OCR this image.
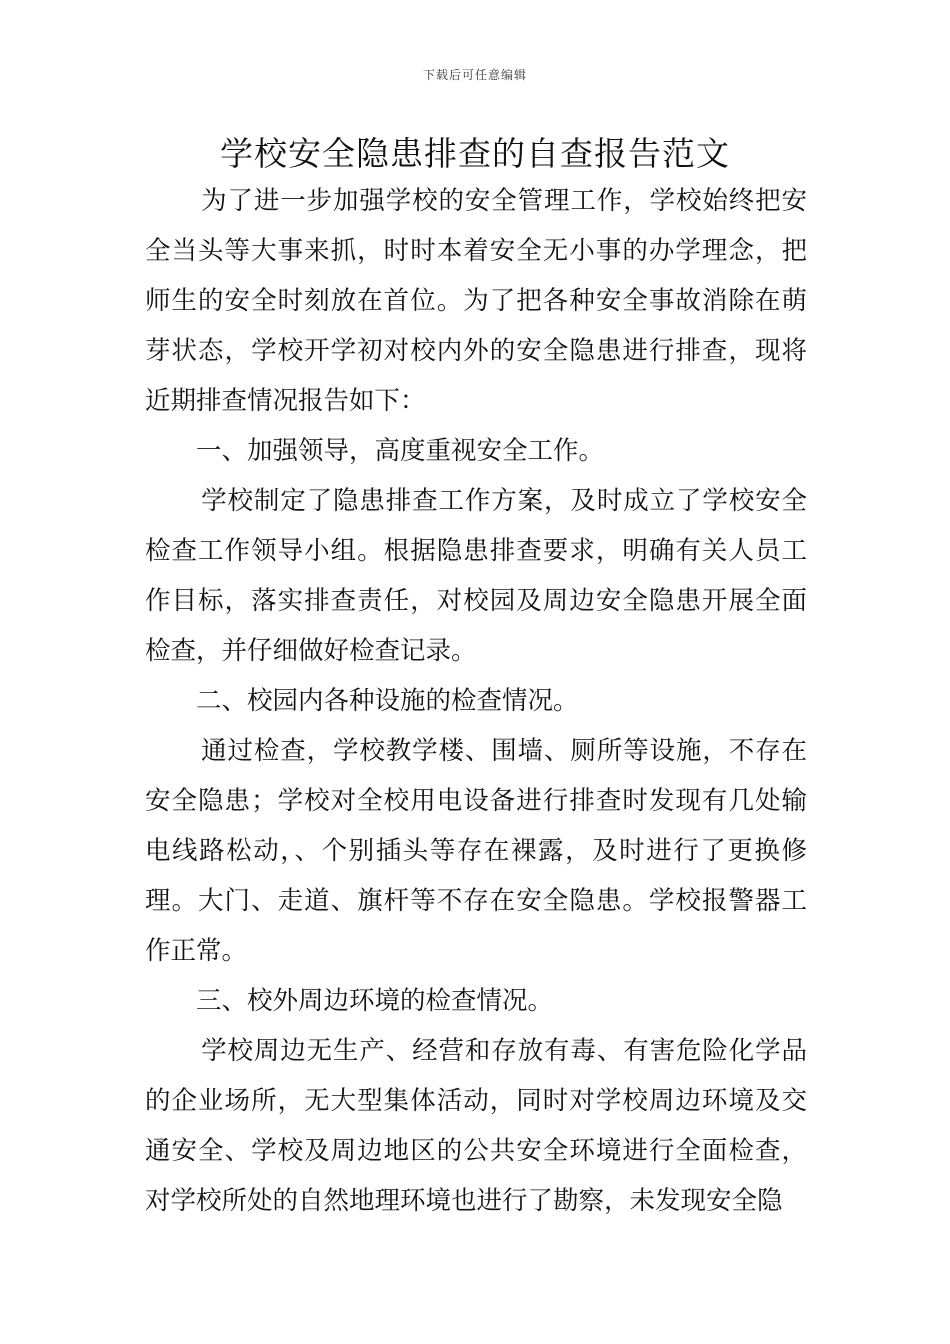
下载后可任意编辑
学校安全隐患排查的自查报告范文

为了进一步加强学校的安全管理工作，学校始终把安全当头等大事来抓，时时本着安全无小事的办学理念，把师生的安全时刻放在首位。为了把各种安全事故消除在萌芽状态，学校开学初对校内外的安全隐患进行排查，现将近期排查情况报告如下：

一、加强领导，高度重视安全工作。

学校制定了隐患排查工作方案，及时成立了学校安全检查工作领导小组。根据隐患排查要求，明确有关人员工作目标，落实排查责任，对校园及周边安全隐患开展全面检查，并仔细做好检查记录。

二、校园内各种设施的检查情况。

通过检查，学校教学楼、围墙、厕所等设施，不存在安全隐患；学校对全校用电设备进行排查时发现有几处输电线路松动，、个别插头等存在裸露，及时进行了更换修理。大门、走道、旗杆等不存在安全隐患。学校报警器工作正常。

三、校外周边环境的检查情况。

学校周边无生产、经营和存放有毒、有害危险化学品的企业场所，无大型集体活动，同时对学校周边环境及交通安全、学校及周边地区的公共安全环境进行全面检查，对学校所处的自然地理环境也进行了勘察，未发现安全隐
